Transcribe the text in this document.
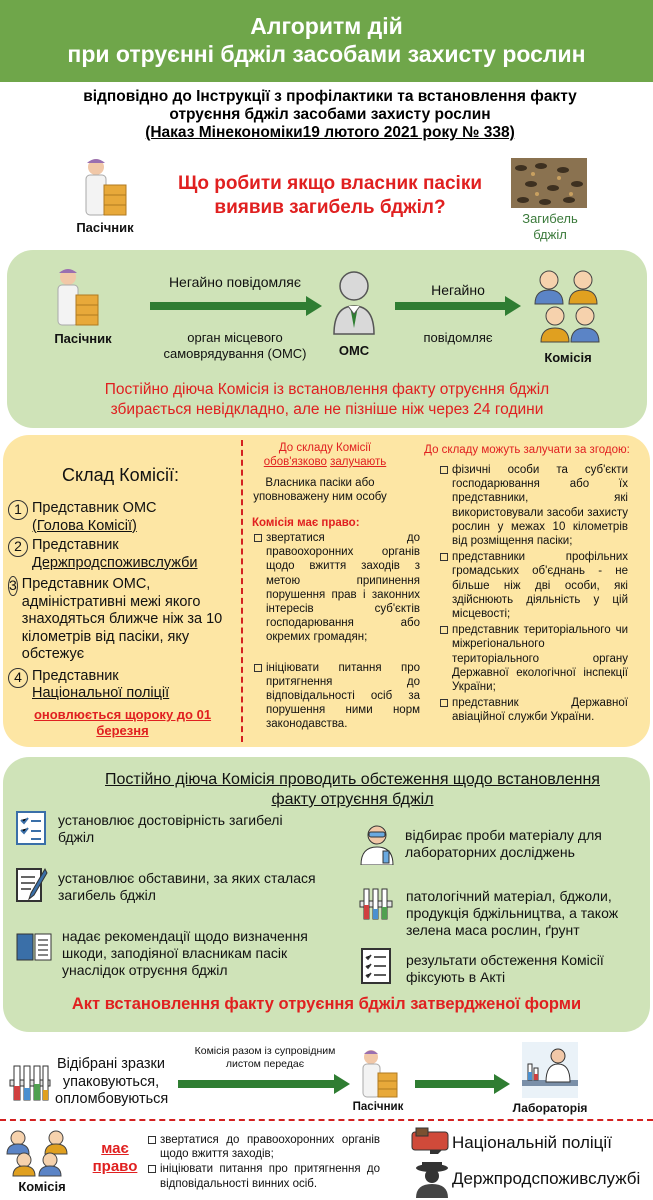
Алгоритм дій
при отруєнні бджіл засобами захисту рослин
відповідно до Інструкції з профілактики та встановлення факту
отруєння бджіл засобами захисту рослин
(Наказ Мінекономіки19 лютого 2021 року № 338)
Пасічник
Що робити якщо власник пасіки виявив загибель бджіл?
Загибель
бджіл
Пасічник
Негайно повідомляє
орган місцевого
самоврядування (ОМС)	ОМС
Негайно
повідомляє
Комісія
Постійно діюча Комісія із встановлення факту отруєння бджіл
збирається невідкладно, але не пізніше ніж через 24 години
Склад Комісії:
1 Представник ОМС
(Голова Комісії)
2 Представник
Держпродспоживслужби
3 Представник ОМС, адміністративні межі якого знаходяться ближче ніж за 10 кілометрів від пасіки, яку обстежує
4 Представник
Національної поліції
оновлюється щороку до 01
березня
До складу Комісії
обов'язково залучають
Власника пасіки або уповноважену ним особу
Комісія має право:
звертатися до правоохоронних органів щодо вжиття заходів з метою припинення порушення прав і законних інтересів суб'єктів господарювання або окремих громадян;
ініціювати питання про притягнення до відповідальності осіб за порушення ними норм законодавства.
До складу можуть залучати за згодою:
фізичні особи та суб'єкти господарювання або їх представники, які використовували засоби захисту рослин у межах 10 кілометрів від розміщення пасіки;
представники профільних громадських об'єднань - не більше ніж дві особи, які здійснюють діяльність у цій місцевості;
представник територіального чи міжрегіонального територіального органу Державної екологічної інспекції України;
представник Державної авіаційної служби України.
Постійно діюча Комісія проводить обстеження щодо встановлення
факту отруєння бджіл
установлює достовірність загибелі бджіл
установлює обставини, за яких сталася загибель бджіл
надає рекомендації щодо визначення шкоди, заподіяної власникам пасік унаслідок отруєння бджіл
відбирає проби матеріалу для лабораторних досліджень
патологічний матеріал, бджоли, продукція бджільництва, а також зелена маса рослин, ґрунт
результати обстеження Комісії фіксують в Акті
Акт встановлення факту отруєння бджіл затвердженої форми
Відібрані зразки упаковуються, опломбовуються
Комісія разом із супровідним листом передає
Пасічник	Лабораторія
Комісія
має
право
звертатися до правоохоронних органів щодо вжиття заходів;
ініціювати питання про притягнення до відповідальності винних осіб.
Національній поліції
Держпродспоживслужбі
